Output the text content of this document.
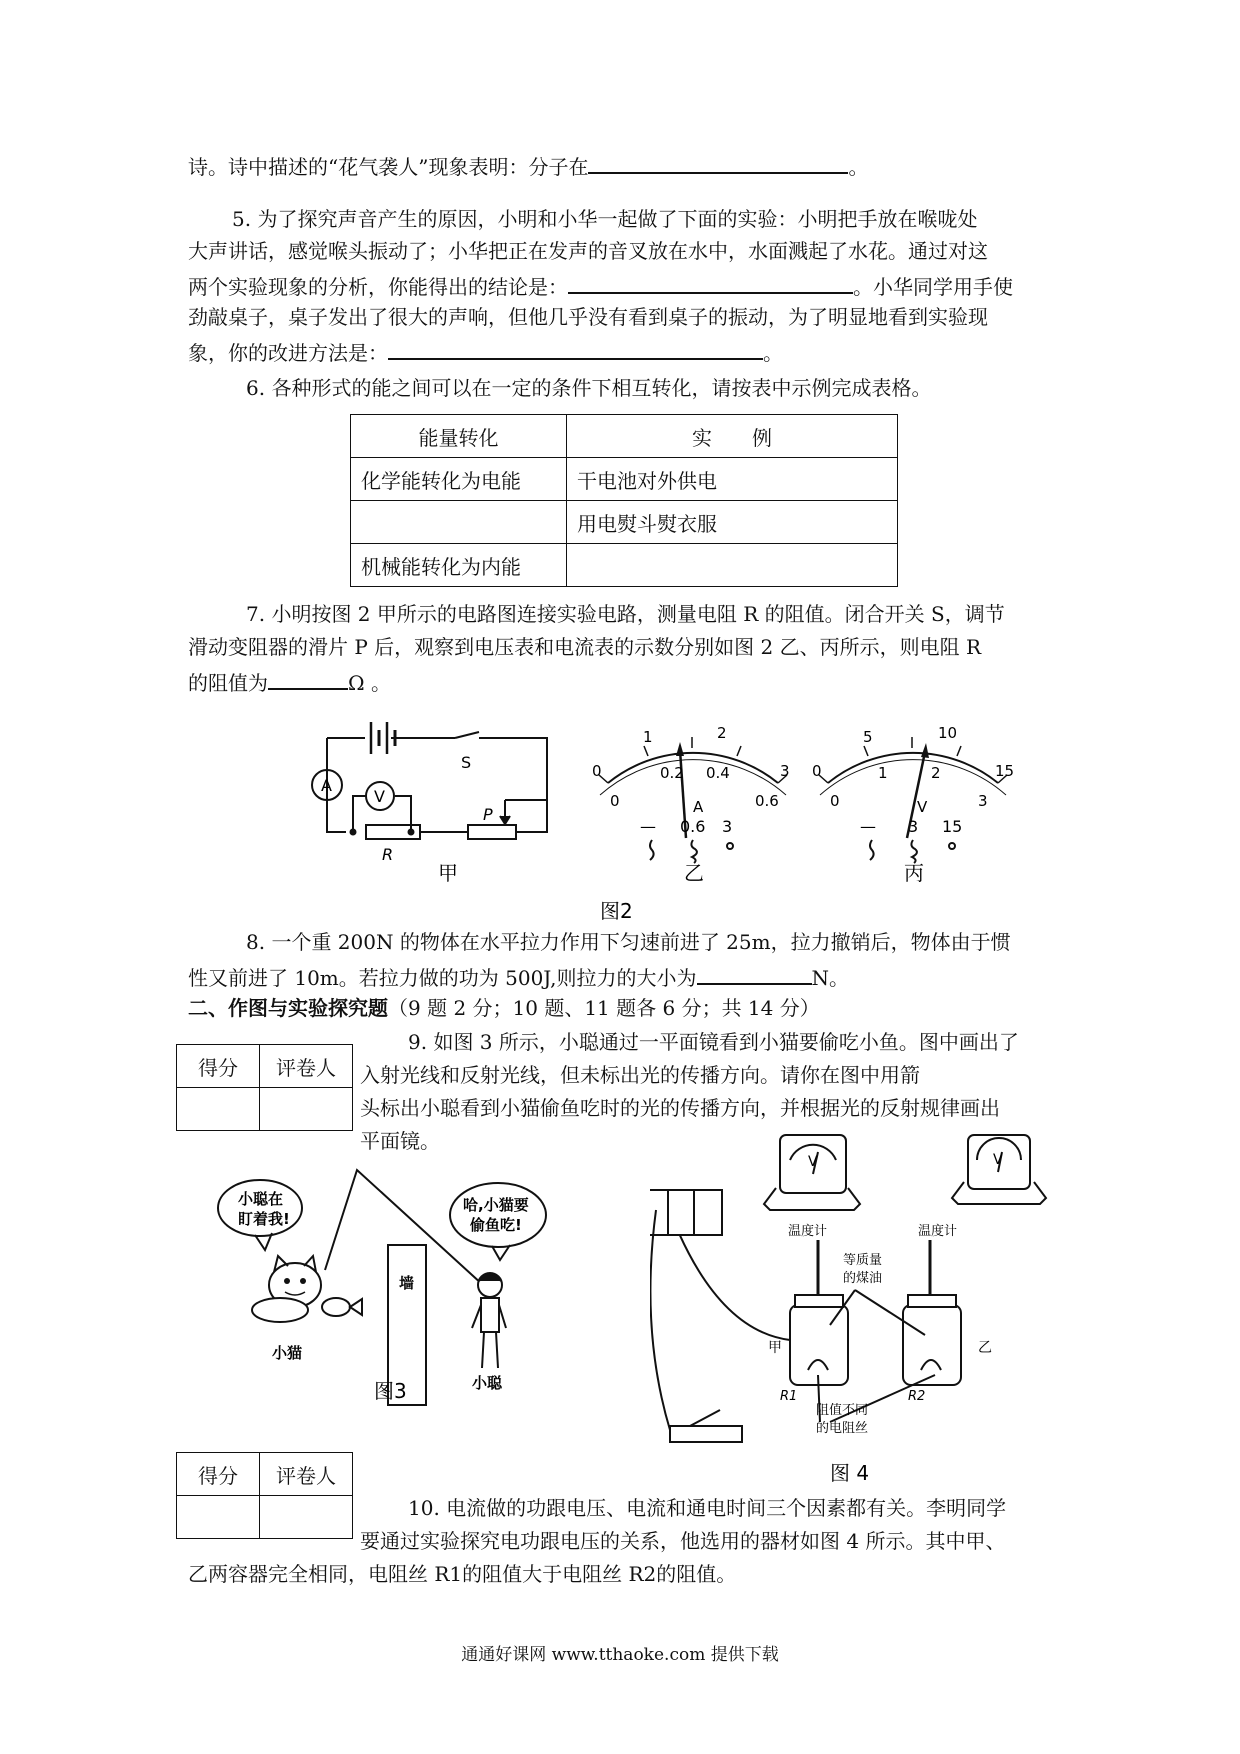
诗。诗中描述的“花气袭人”现象表明：分子在	。
5. 为了探究声音产生的原因，小明和小华一起做了下面的实验：小明把手放在喉咙处
大声讲话，感觉喉头振动了；小华把正在发声的音叉放在水中，水面溅起了水花。通过对这
两个实验现象的分析，你能得出的结论是：	。小华同学用手使
劲敲桌子，桌子发出了很大的声响，但他几乎没有看到桌子的振动，为了明显地看到实验现
象，你的改进方法是：	。
6. 各种形式的能之间可以在一定的条件下相互转化，请按表中示例完成表格。
能量转化	实　　例
化学能转化为电能	干电池对外供电
	用电熨斗熨衣服
机械能转化为内能	
7. 小明按图 2 甲所示的电路图连接实验电路，测量电阻 R 的阻值。闭合开关 S，调节
滑动变阻器的滑片 P 后，观察到电压表和电流表的示数分别如图 2 乙、丙所示，则电阻 R
的阻值为	Ω 。
S
A
V
R
P
甲
0
1	2
3
0
0.2 0.4
0.6
A
— 0.6 3
乙
0
5	10
15
0
1	2
3
V
— 3 15
丙
图2
8. 一个重 200N 的物体在水平拉力作用下匀速前进了 25m，拉力撤销后，物体由于惯
性又前进了 10m。若拉力做的功为 500J,则拉力的大小为	N。
二、作图与实验探究题（9 题 2 分；10 题、11 题各 6 分；共 14 分）
得分	评卷人

9. 如图 3 所示，小聪通过一平面镜看到小猫要偷吃小鱼。图中画出了
入射光线和反射光线，但未标出光的传播方向。请你在图中用箭
头标出小聪看到小猫偷鱼吃时的光的传播方向，并根据光的反射规律画出
平面镜。
小聪在
盯着我!
哈,小猫要
偷鱼吃!
墙
小猫
小聪
图3
温度计	温度计
等质量
的煤油
甲	乙
R1	R2
阻值不同
的电阻丝
V	V
图 4
得分	评卷人

10. 电流做的功跟电压、电流和通电时间三个因素都有关。李明同学
要通过实验探究电功跟电压的关系，他选用的器材如图 4 所示。其中甲、
乙两容器完全相同，电阻丝 R1的阻值大于电阻丝 R2的阻值。
通通好课网 www.tthaoke.com 提供下载
